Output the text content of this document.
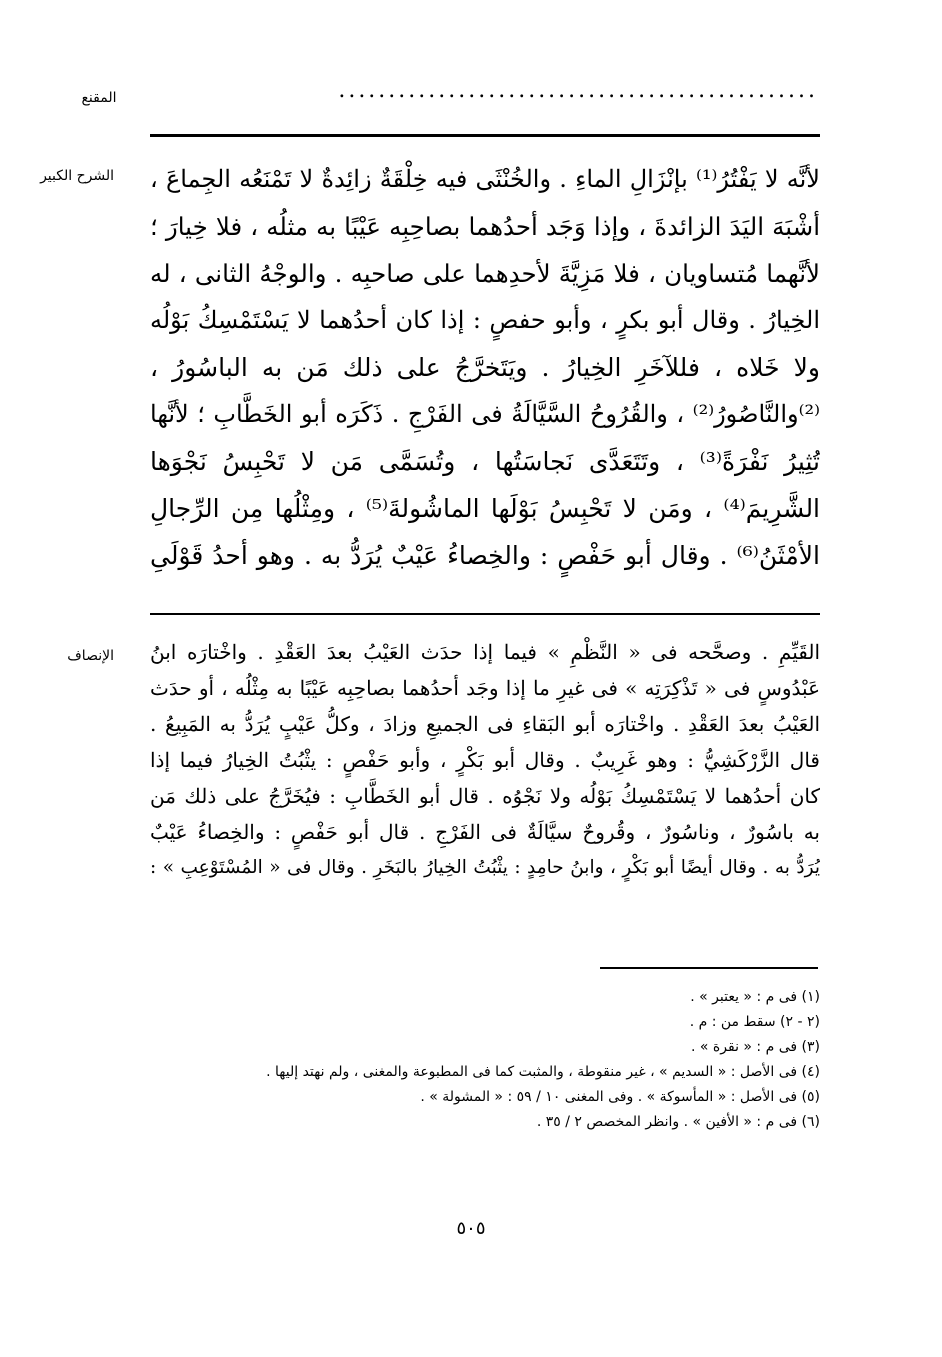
المقنع	................................................
الشرح الكبير
الإنصاف
لأنَّه لا يَفْتُرُ⁽¹⁾ بإنْزَالِ الماءِ . والخُنْثَى فيه خِلْقَةٌ زائِدةٌ لا تَمْنَعُه الجِماعَ ،
أشْبَهَ اليَدَ الزائدةَ ، وإذا وَجَد أحدُهما بصاحِبِه عَيْبًا به مثلُه ، فلا خِيارَ ؛
لأنَّهما مُتساويان ، فلا مَزِيَّةَ لأحدِهما على صاحبِه . والوجْهُ الثانى ، له
الخِيارُ . وقال أبو بكرٍ ، وأبو حفصٍ : إذا كان أحدُهما لا يَسْتَمْسِكُ بَوْلُه
ولا خَلاه ، فللآخَرِ الخِيارُ . ويَتَخرَّجُ على ذلك مَن به الباسُورُ ،
⁽²⁾والنَّاصُورُ⁽²⁾ ، والقُرُوحُ السَّيَّالَةُ فى الفَرْجِ . ذَكَرَه أبو الخَطَّابِ ؛ لأنَّها
تُثِيرُ نَفْرَةً⁽³⁾ ، وتَتَعَدَّى نَجاسَتُها ، وتُسَمَّى مَن لا تَحْبِسُ نَجْوَها
الشَّرِيمَ⁽⁴⁾ ، ومَن لا تَحْبِسُ بَوْلَها الماشُولةَ⁽⁵⁾ ، ومِثْلُها مِن الرِّجالِ
الأمْثَنُ⁽⁶⁾ . وقال أبو حَفْصٍ : والخِصاءُ عَيْبٌ يُرَدُّ به . وهو أحدُ قَوْلَىِ
القَيِّمِ . وصحَّحه فى « النَّظْمِ » فيما إذا حدَث العَيْبُ بعدَ العَقْدِ . واخْتارَه ابنُ
عَبْدُوسٍ فى « تَذْكِرَتِه » فى غيرِ ما إذا وجَد أحدُهما بصاحِبِه عَيْبًا به مِثْلُه ، أو حدَث
العَيْبُ بعدَ العَقْدِ . واخْتارَه أبو البَقاءِ فى الجميعِ وزادَ ، وكلُّ عَيْبٍ يُرَدُّ به المَبِيعُ .
قال الزَّرْكَشِيُّ : وهو غَرِيبٌ . وقال أبو بَكْرٍ ، وأبو حَفْصٍ : يثْبُتُ الخِيارُ فيما إذا
كان أحدُهما لا يَسْتَمْسِكُ بَوْلُه ولا نَجْوُه . قال أبو الخَطَّابِ : فيُخَرَّجُ على ذلك مَن
به باسُورٌ ، وناسُورٌ ، وقُروحٌ سيَّالَةٌ فى الفَرْجِ . قال أبو حَفْصٍ : والخِصاءُ عَيْبٌ
يُرَدُّ به . وقال أيضًا أبو بَكْرٍ ، وابنُ حامِدٍ : يثْبُتُ الخِيارُ بالبَخَرِ . وقال فى « المُسْتَوْعِبِ » :
(١) فى م : « يعتبر » .
(٢ - ٢) سقط من : م .
(٣) فى م : « نقرة » .
(٤) فى الأصل : « السديم » ، غير منقوطة ، والمثبت كما فى المطبوعة والمغنى ، ولم نهتد إليها .
(٥) فى الأصل : « المأسوكة » . وفى المغنى ١٠ / ٥٩ : « المشولة » .
(٦) فى م : « الأفين » . وانظر المخصص ٢ / ٣٥ .
٥٠٥
